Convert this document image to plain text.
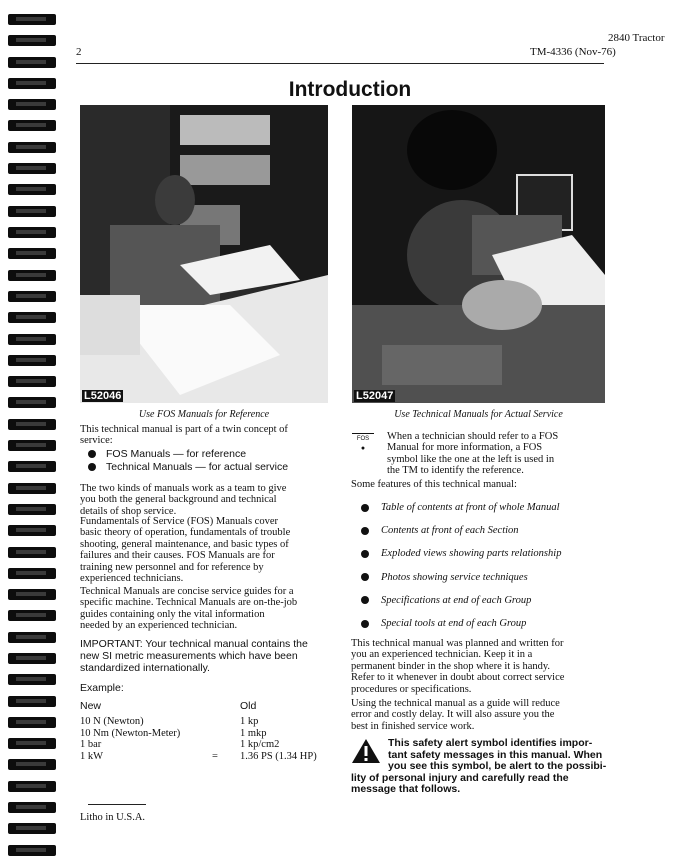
2
2840 Tractor
TM-4336 (Nov-76)
Introduction
L52046
Use FOS Manuals for Reference
L52047
Use Technical Manuals for Actual Service
This technical manual is part of a twin concept of
service:
FOS Manuals — for reference
Technical Manuals — for actual service
The two kinds of manuals work as a team to give
you both the general background and technical
details of shop service.
Fundamentals of Service (FOS) Manuals cover
basic theory of operation, fundamentals of trouble
shooting, general maintenance, and basic types of
failures and their causes. FOS Manuals are for
training new personnel and for reference by
experienced technicians.
Technical Manuals are concise service guides for a
specific machine. Technical Manuals are on-the-job
guides containing only the vital information
needed by an experienced technician.
IMPORTANT: Your technical manual contains the
new SI metric measurements which have been
standardized internationally.
Example:
New	Old
10 N (Newton)	1 kp
10 Nm (Newton-Meter)	1 mkp
1 bar	1 kp/cm2
1 kW	= 1.36 PS (1.34 HP)
Litho in U.S.A.
FOS
●
When a technician should refer to a FOS
Manual for more information, a FOS
symbol like the one at the left is used in
the TM to identify the reference.
Some features of this technical manual:
Table of contents at front of whole Manual
Contents at front of each Section
Exploded views showing parts relationship
Photos showing service techniques
Specifications at end of each Group
Special tools at end of each Group
This technical manual was planned and written for
you an experienced technician. Keep it in a
permanent binder in the shop where it is handy.
Refer to it whenever in doubt about correct service
procedures or specifications.
Using the technical manual as a guide will reduce
error and costly delay. It will also assure you the
best in finished service work.
This safety alert symbol identifies impor-
tant safety messages in this manual. When
you see this symbol, be alert to the possibi-
lity of personal injury and carefully read the
message that follows.
